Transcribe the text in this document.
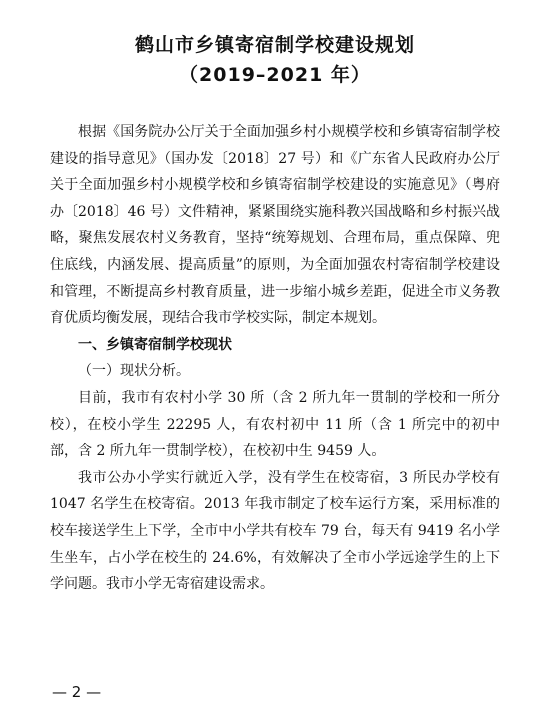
鹤山市乡镇寄宿制学校建设规划
（2019–2021 年）

根据《国务院办公厅关于全面加强乡村小规模学校和乡镇寄宿制学校建设的指导意见》（国办发〔2018〕27 号）和《广东省人民政府办公厅关于全面加强乡村小规模学校和乡镇寄宿制学校建设的实施意见》（粤府办〔2018〕46 号）文件精神，紧紧围绕实施科教兴国战略和乡村振兴战略，聚焦发展农村义务教育，坚持“统筹规划、合理布局，重点保障、兜住底线，内涵发展、提高质量”的原则，为全面加强农村寄宿制学校建设和管理，不断提高乡村教育质量，进一步缩小城乡差距，促进全市义务教育优质均衡发展，现结合我市学校实际，制定本规划。

一、乡镇寄宿制学校现状
（一）现状分析。

目前，我市有农村小学 30 所（含 2 所九年一贯制的学校和一所分校），在校小学生 22295 人，有农村初中 11 所（含 1 所完中的初中部，含 2 所九年一贯制学校），在校初中生 9459 人。

我市公办小学实行就近入学，没有学生在校寄宿，3 所民办学校有 1047 名学生在校寄宿。2013 年我市制定了校车运行方案，采用标准的校车接送学生上下学，全市中小学共有校车 79 台，每天有 9419 名小学生坐车，占小学在校生的 24.6%，有效解决了全市小学远途学生的上下学问题。我市小学无寄宿建设需求。

— 2 —
